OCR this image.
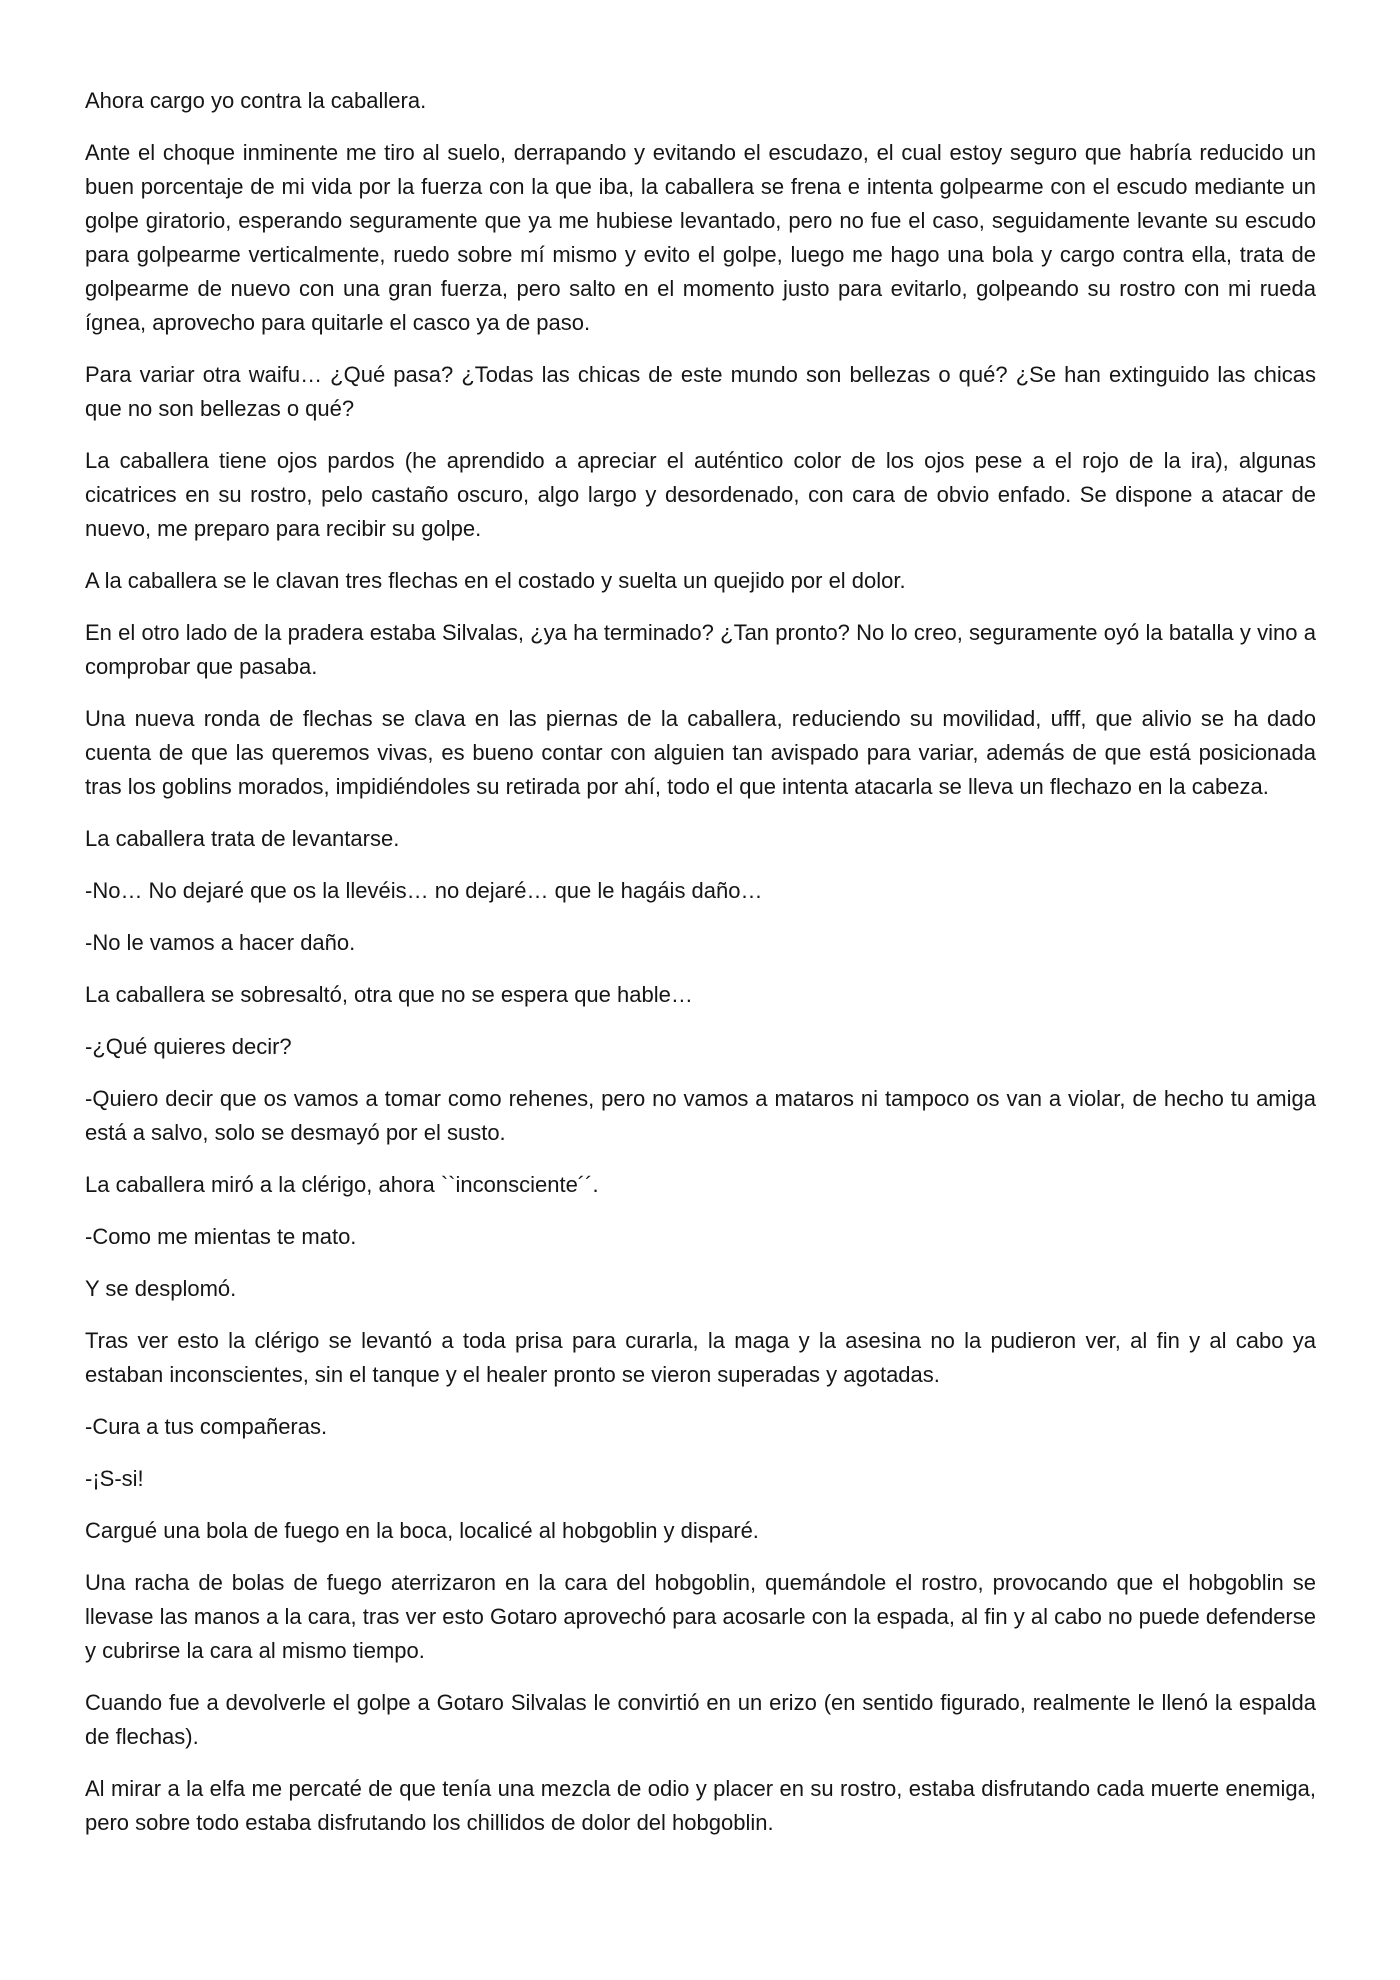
Ahora cargo yo contra la caballera.

Ante el choque inminente me tiro al suelo, derrapando y evitando el escudazo, el cual estoy seguro que habría reducido un buen porcentaje de mi vida por la fuerza con la que iba, la caballera se frena e intenta golpearme con el escudo mediante un golpe giratorio, esperando seguramente que ya me hubiese levantado, pero no fue el caso, seguidamente levante su escudo para golpearme verticalmente, ruedo sobre mí mismo y evito el golpe, luego me hago una bola y cargo contra ella, trata de golpearme de nuevo con una gran fuerza, pero salto en el momento justo para evitarlo, golpeando su rostro con mi rueda ígnea, aprovecho para quitarle el casco ya de paso.

Para variar otra waifu… ¿Qué pasa? ¿Todas las chicas de este mundo son bellezas o qué? ¿Se han extinguido las chicas que no son bellezas o qué?

La caballera tiene ojos pardos (he aprendido a apreciar el auténtico color de los ojos pese a el rojo de la ira), algunas cicatrices en su rostro, pelo castaño oscuro, algo largo y desordenado, con cara de obvio enfado. Se dispone a atacar de nuevo, me preparo para recibir su golpe.

A la caballera se le clavan tres flechas en el costado y suelta un quejido por el dolor.

En el otro lado de la pradera estaba Silvalas, ¿ya ha terminado? ¿Tan pronto? No lo creo, seguramente oyó la batalla y vino a comprobar que pasaba.

Una nueva ronda de flechas se clava en las piernas de la caballera, reduciendo su movilidad, ufff, que alivio se ha dado cuenta de que las queremos vivas, es bueno contar con alguien tan avispado para variar, además de que está posicionada tras los goblins morados, impidiéndoles su retirada por ahí, todo el que intenta atacarla se lleva un flechazo en la cabeza.

La caballera trata de levantarse.

-No… No dejaré que os la llevéis… no dejaré… que le hagáis daño…

-No le vamos a hacer daño.

La caballera se sobresaltó, otra que no se espera que hable…

-¿Qué quieres decir?

-Quiero decir que os vamos a tomar como rehenes, pero no vamos a mataros ni tampoco os van a violar, de hecho tu amiga está a salvo, solo se desmayó por el susto.

La caballera miró a la clérigo, ahora ``inconsciente´´.

-Como me mientas te mato.

Y se desplomó.

Tras ver esto la clérigo se levantó a toda prisa para curarla, la maga y la asesina no la pudieron ver, al fin y al cabo ya estaban inconscientes, sin el tanque y el healer pronto se vieron superadas y agotadas.

-Cura a tus compañeras.

-¡S-si!

Cargué una bola de fuego en la boca, localicé al hobgoblin y disparé.

Una racha de bolas de fuego aterrizaron en la cara del hobgoblin, quemándole el rostro, provocando que el hobgoblin se llevase las manos a la cara, tras ver esto Gotaro aprovechó para acosarle con la espada, al fin y al cabo no puede defenderse y cubrirse la cara al mismo tiempo.

Cuando fue a devolverle el golpe a Gotaro Silvalas le convirtió en un erizo (en sentido figurado, realmente le llenó la espalda de flechas).

Al mirar a la elfa me percaté de que tenía una mezcla de odio y placer en su rostro, estaba disfrutando cada muerte enemiga, pero sobre todo estaba disfrutando los chillidos de dolor del hobgoblin.
